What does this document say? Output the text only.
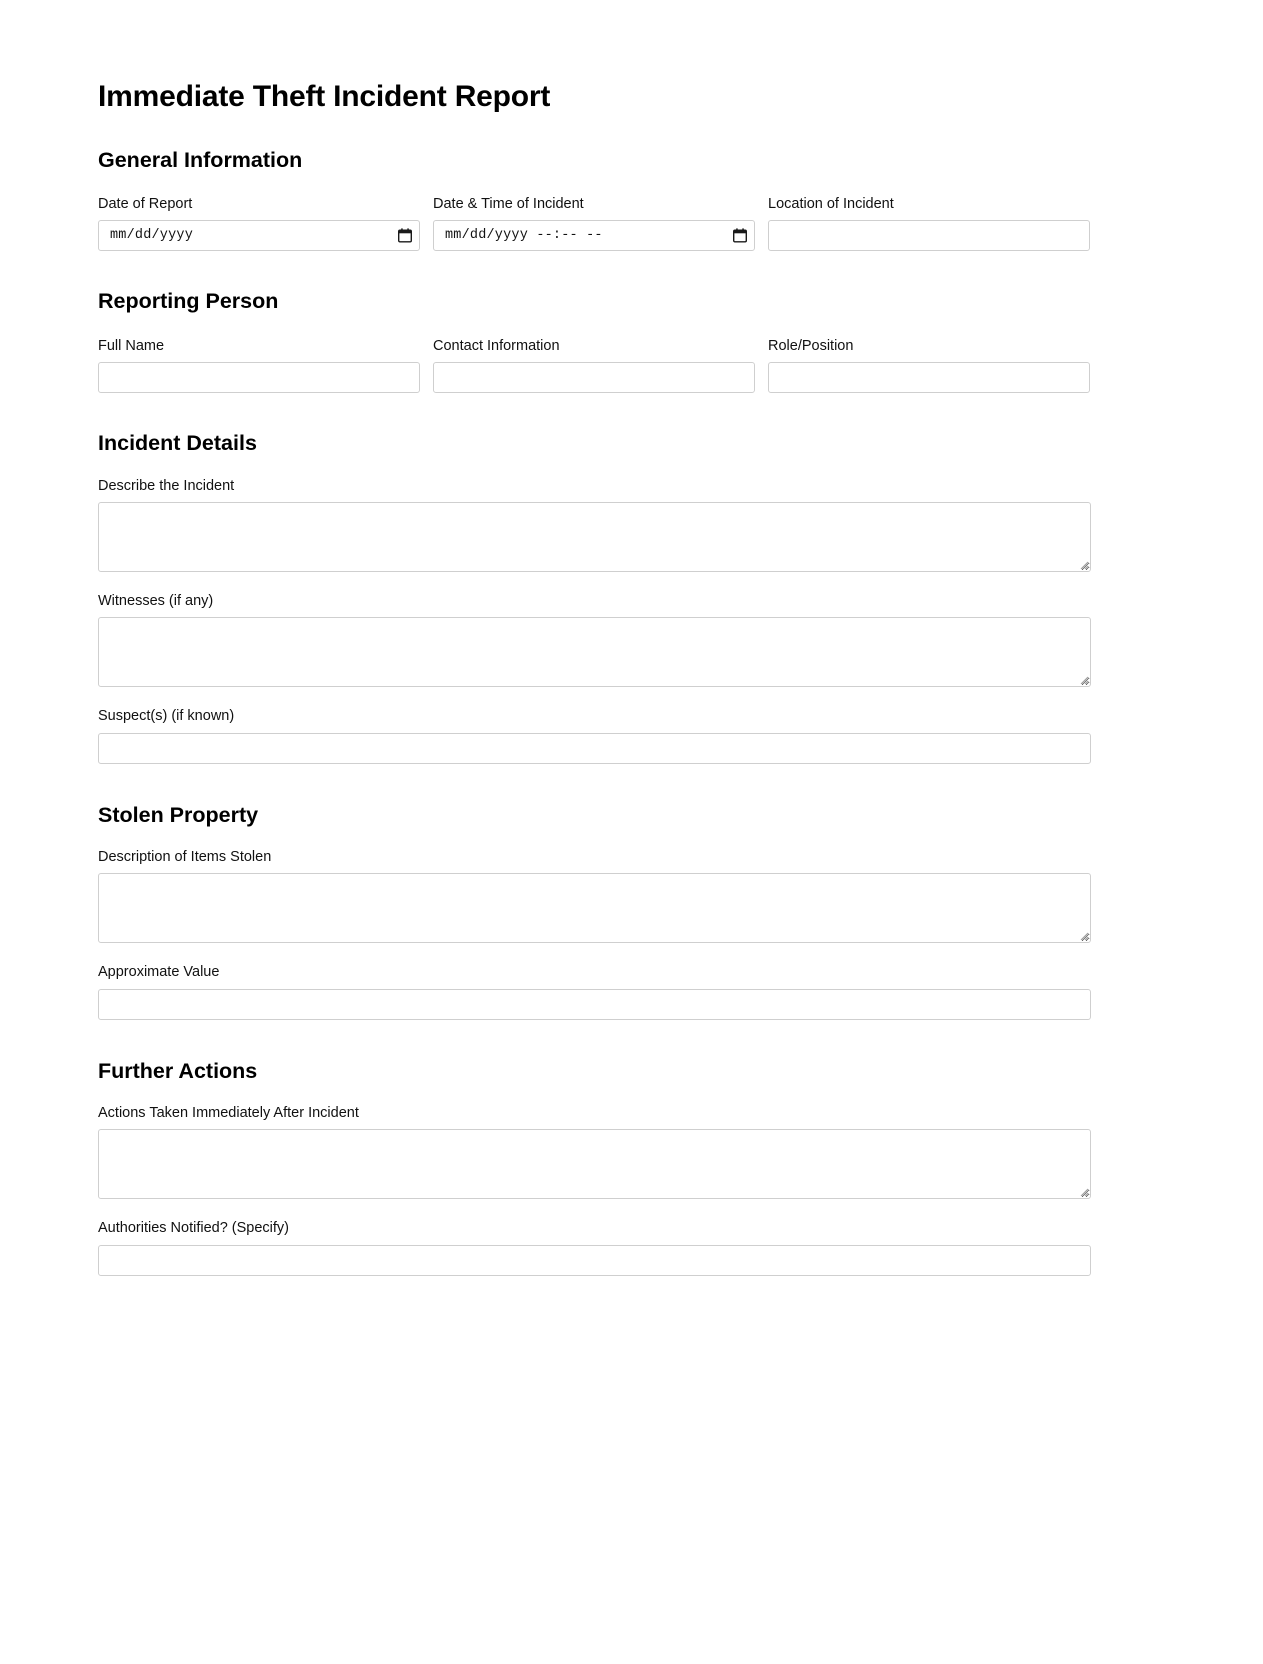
Immediate Theft Incident Report
General Information
Date of Report
mm/dd/yyyy
Date & Time of Incident
mm/dd/yyyy --:-- --
Location of Incident
Reporting Person
Full Name	Contact Information	Role/Position
Incident Details
Describe the Incident
Witnesses (if any)
Suspect(s) (if known)
Stolen Property
Description of Items Stolen
Approximate Value
Further Actions
Actions Taken Immediately After Incident
Authorities Notified? (Specify)
